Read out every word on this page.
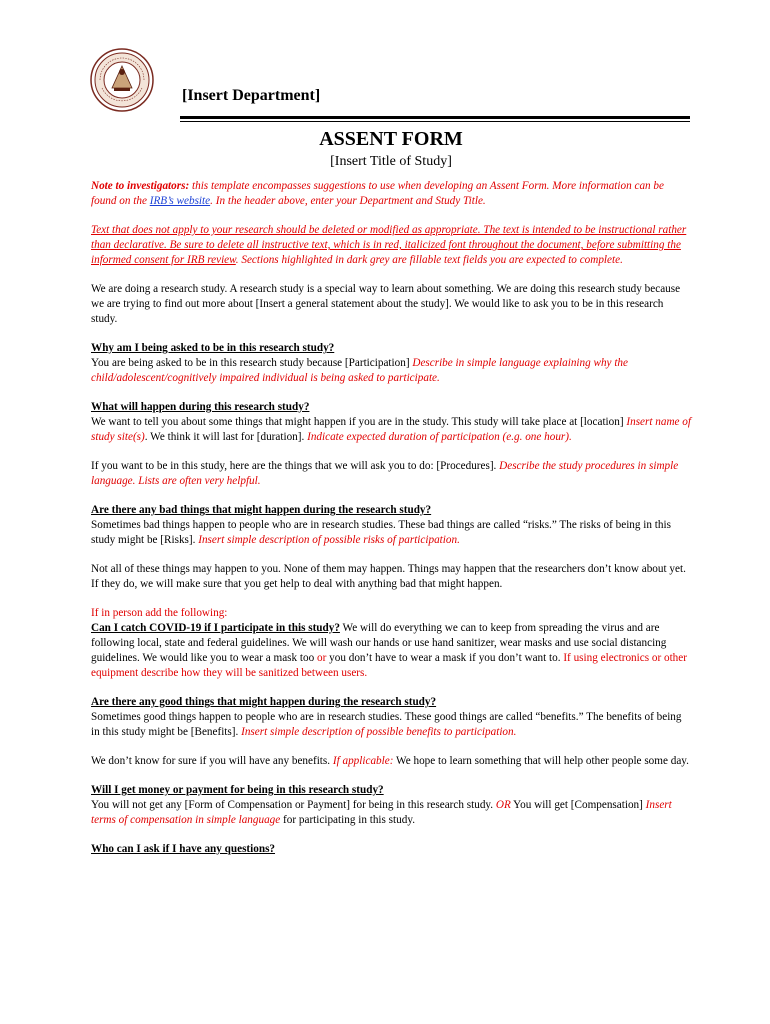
[Insert Department]
ASSENT FORM
[Insert Title of Study]

Note to investigators: this template encompasses suggestions to use when developing an Assent Form. More information can be found on the IRB’s website. In the header above, enter your Department and Study Title.

Text that does not apply to your research should be deleted or modified as appropriate. The text is intended to be instructional rather than declarative. Be sure to delete all instructive text, which is in red, italicized font throughout the document, before submitting the informed consent for IRB review. Sections highlighted in dark grey are fillable text fields you are expected to complete.

We are doing a research study. A research study is a special way to learn about something. We are doing this research study because we are trying to find out more about [Insert a general statement about the study]. We would like to ask you to be in this research study.

Why am I being asked to be in this research study?
You are being asked to be in this research study because [Participation] Describe in simple language explaining why the child/adolescent/cognitively impaired individual is being asked to participate.

What will happen during this research study?
We want to tell you about some things that might happen if you are in the study. This study will take place at [location] Insert name of study site(s). We think it will last for [duration]. Indicate expected duration of participation (e.g. one hour).

If you want to be in this study, here are the things that we will ask you to do: [Procedures]. Describe the study procedures in simple language. Lists are often very helpful.

Are there any bad things that might happen during the research study?
Sometimes bad things happen to people who are in research studies. These bad things are called “risks.” The risks of being in this study might be [Risks]. Insert simple description of possible risks of participation.

Not all of these things may happen to you. None of them may happen. Things may happen that the researchers don’t know about yet. If they do, we will make sure that you get help to deal with anything bad that might happen.

If in person add the following:
Can I catch COVID-19 if I participate in this study? We will do everything we can to keep from spreading the virus and are following local, state and federal guidelines. We will wash our hands or use hand sanitizer, wear masks and use social distancing guidelines. We would like you to wear a mask too or you don’t have to wear a mask if you don’t want to. If using electronics or other equipment describe how they will be sanitized between users.

Are there any good things that might happen during the research study?
Sometimes good things happen to people who are in research studies. These good things are called “benefits.” The benefits of being in this study might be [Benefits]. Insert simple description of possible benefits to participation.

We don’t know for sure if you will have any benefits. If applicable: We hope to learn something that will help other people some day.

Will I get money or payment for being in this research study?
You will not get any [Form of Compensation or Payment] for being in this research study. OR You will get [Compensation] Insert terms of compensation in simple language for participating in this study.

Who can I ask if I have any questions?
